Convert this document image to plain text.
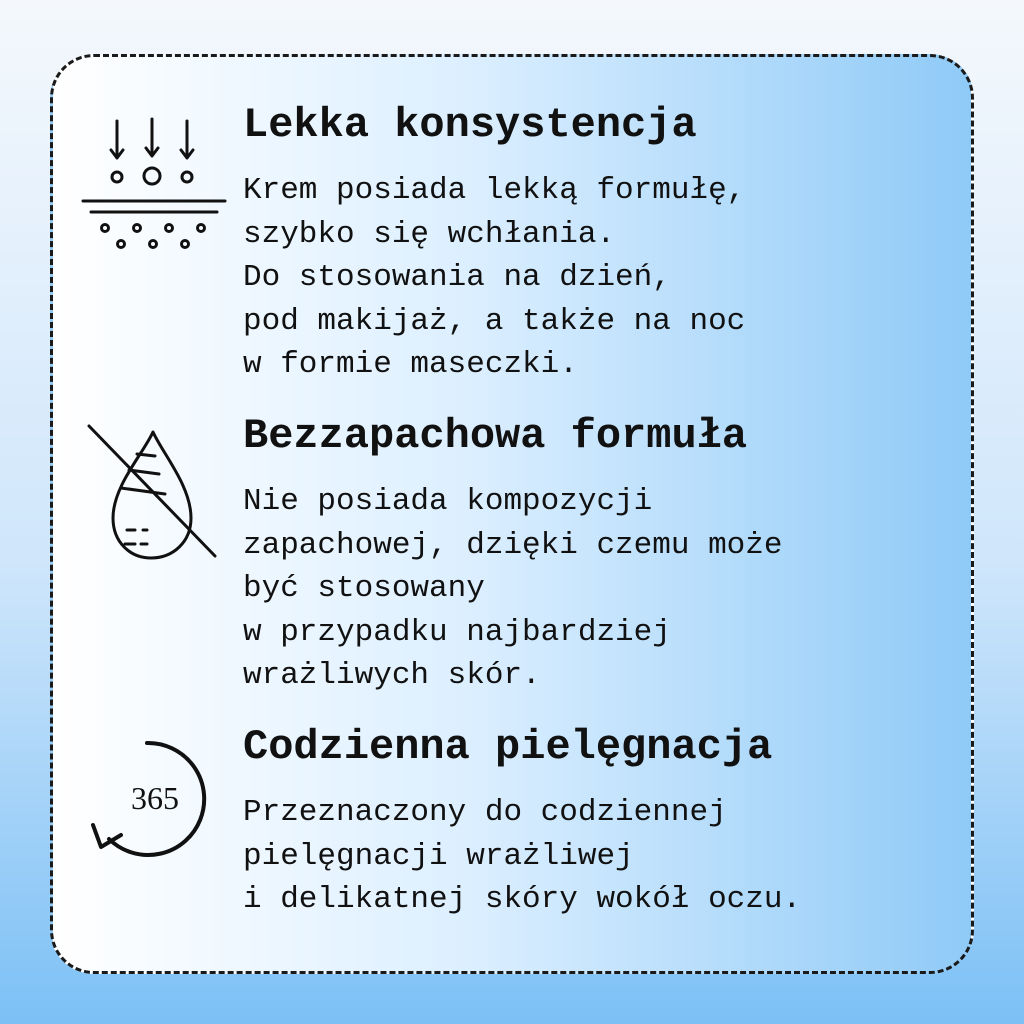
Lekka konsystencja
Krem posiada lekką formułę,
szybko się wchłania.
Do stosowania na dzień,
pod makijaż, a także na noc
w formie maseczki.
Bezzapachowa formuła
Nie posiada kompozycji
zapachowej, dzięki czemu może
być stosowany
w przypadku najbardziej
wrażliwych skór.
365
Codzienna pielęgnacja
Przeznaczony do codziennej
pielęgnacji wrażliwej
i delikatnej skóry wokół oczu.
